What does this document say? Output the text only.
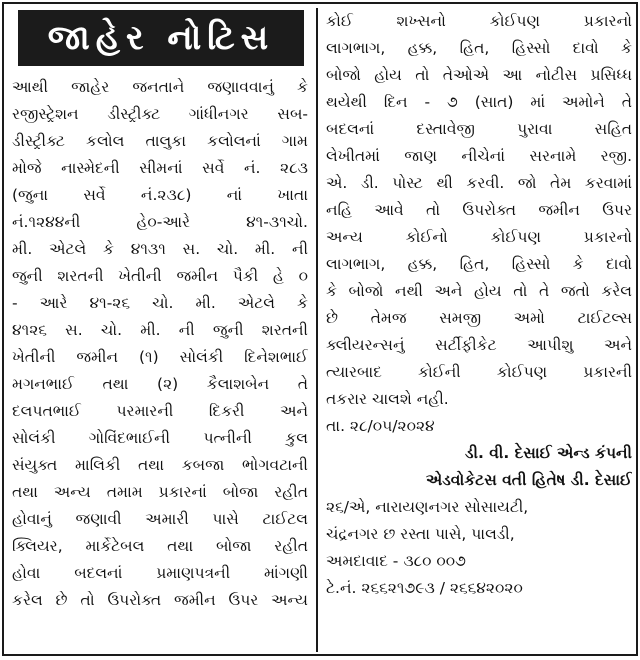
જાહેર નોટિસ
આથી જાહેર જનતાને જણાવવાનું કે
રજીસ્ટ્રેશન ડીસ્ટ્રીક્ટ ગાંધીનગર સબ-
ડીસ્ટ્રીક્ટ કલોલ તાલુકા કલોલનાં ગામ
મોજે નાસ્મેદની સીમનાં સર્વે નં. ૨૮૩
(જુના સર્વે નં.૨૩૮) નાં ખાતા
નં.૧૨૪૪ની હે૦-આરે ૪૧-૩૧ચો.
મી. એટલે કે ૪૧૩૧ સ. ચો. મી. ની
જુની શરતની ખેતીની જમીન પૈકી હે ૦
- આરે ૪૧-૨૬ ચો. મી. એટલે કે
૪૧૨૬ સ. ચો. મી. ની જુની શરતની
ખેતીની જમીન (૧) સોલંકી દિનેશભાઈ
મગનભાઈ તથા (૨) કૈલાશબેન તે
દલપતભાઈ પરમારની દિકરી અને
સોલંકી ગોવિંદભાઈની પત્નીની કુલ
સંયુક્ત માલિકી તથા કબજા ભોગવટાની
તથા અન્ય તમામ પ્રકારનાં બોજા રહીત
હોવાનું જણાવી અમારી પાસે ટાઈટલ
ક્લિયર, માર્કેટેબલ તથા બોજા રહીત
હોવા બદલનાં પ્રમાણપત્રની માંગણી
કરેલ છે તો ઉપરોક્ત જમીન ઉપર અન્ય
કોઈ શખ્સનો કોઈપણ પ્રકારનો
લાગભાગ, હક્ક, હિત, હિસ્સો દાવો કે
બોજો હોય તો તેઓએ આ નોટીસ પ્રસિધ્ધ
થયેથી દિન - ૭ (સાત) માં અમોને તે
બદલનાં દસ્તાવેજી પુરાવા સહિત
લેખીતમાં જાણ નીચેનાં સરનામે રજી.
એ. ડી. પોસ્ટ થી કરવી. જો તેમ કરવામાં
નહિ આવે તો ઉપરોક્ત જમીન ઉપર
અન્ય કોઈનો કોઈપણ પ્રકારનો
લાગભાગ, હક્ક, હિત, હિસ્સો કે દાવો
કે બોજો નથી અને હોય તો તે જતો કરેલ
છે તેમજ સમજી અમો ટાઈટલ્સ
ક્લીયરન્સનું સર્ટીફીકેટ આપીશુ અને
ત્યારબાદ કોઈની કોઈપણ પ્રકારની
તકરાર ચાલશે નહી.
તા. ૨૮/૦૫/૨૦૨૪
ડી. વી. દેસાઈ એન્ડ કંપની
એડવોકેટસ વતી હિતેષ ડી. દેસાઈ
૨૬/એ, નારાયણનગર સોસાયટી,
ચંદ્રનગર છ રસ્તા પાસે, પાલડી,
અમદાવાદ - ૩૮૦ ૦૦૭
ટે.નં. ૨૬૬૨૧૭૯૩ / ૨૬૬૪૨૦૨૦
